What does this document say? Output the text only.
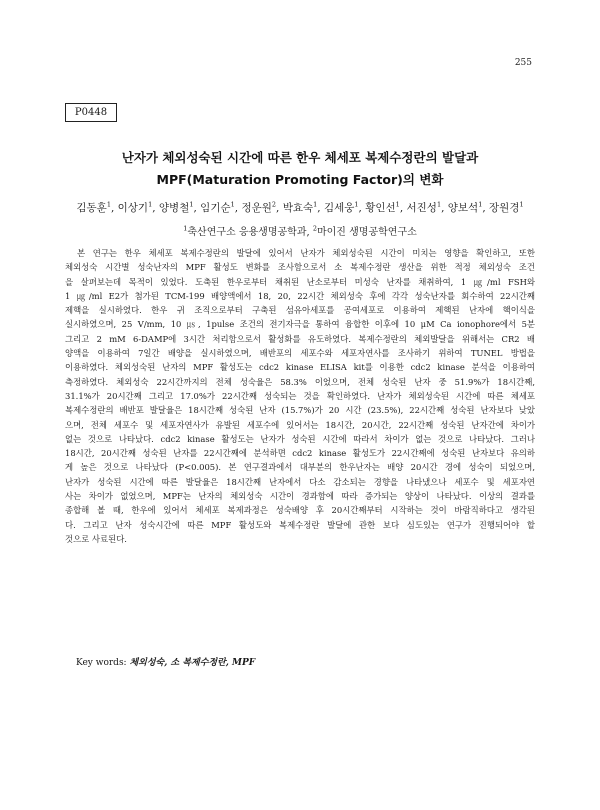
255
P0448
난자가 체외성숙된 시간에 따른 한우 체세포 복제수정란의 발달과
MPF(Maturation Promoting Factor)의 변화
김동훈$^1$, 이상기$^1$, 양병철$^1$, 임기순$^1$, 정운원$^2$, 박효숙$^1$, 김세웅$^1$, 황인선$^1$, 서진성$^1$, 양보석$^1$, 장원경$^1$
$^1$축산연구소 응용생명공학과, $^2$마이진 생명공학연구소
본 연구는 한우 체세포 복제수정란의 발달에 있어서 난자가 체외성숙된 시간이 미치는 영향을 확인하고, 또한
체외성숙 시간별 성숙난자의 MPF 활성도 변화를 조사함으로서 소 복제수정란 생산을 위한 적정 체외성숙 조건
을 살펴보는데 목적이 있었다. 도축된 한우로부터 채취된 난소로부터 미성숙 난자를 채취하여, 1 ㎍/ml FSH와
1 ㎍/ml E2가 첨가된 TCM-199 배양액에서 18, 20, 22시간 체외성숙 후에 각각 성숙난자를 회수하여 22시간째
제핵을 실시하였다. 한우 귀 조직으로부터 구축된 섬유아세포를 공여세포로 이용하여 제핵된 난자에 핵이식을
실시하였으며, 25 V/mm, 10 ㎲, 1pulse 조건의 전기자극을 통하여 융합한 이후에 10 μM Ca ionophore에서 5분
그리고 2 mM 6-DAMP에 3시간 처리함으로서 활성화를 유도하였다. 복제수정란의 체외발달을 위해서는 CR2 배
양액을 이용하여 7일간 배양을 실시하였으며, 배반포의 세포수와 세포자연사를 조사하기 위하여 TUNEL 방법을
이용하였다. 체외성숙된 난자의 MPF 활성도는 cdc2 kinase ELISA kit를 이용한 cdc2 kinase 분석을 이용하여
측정하였다. 체외성숙 22시간까지의 전체 성숙율은 58.3% 이었으며, 전체 성숙된 난자 중 51.9%가 18시간째,
31.1%가 20시간째 그리고 17.0%가 22시간째 성숙되는 것을 확인하였다. 난자가 체외성숙된 시간에 따른 체세포
복제수정란의 배반포 발달율은 18시간째 성숙된 난자 (15.7%)가 20 시간 (23.5%), 22시간째 성숙된 난자보다 낮았
으며, 전체 세포수 및 세포자연사가 유발된 세포수에 있어서는 18시간, 20시간, 22시간째 성숙된 난자간에 차이가
없는 것으로 나타났다. cdc2 kinase 활성도는 난자가 성숙된 시간에 따라서 차이가 없는 것으로 나타났다. 그러나
18시간, 20시간째 성숙된 난자를 22시간째에 분석하면 cdc2 kinase 활성도가 22시간째에 성숙된 난자보다 유의하
게 높은 것으로 나타났다 (P<0.005). 본 연구결과에서 대부분의 한우난자는 배양 20시간 경에 성숙이 되었으며,
난자가 성숙된 시간에 따른 발달율은 18시간째 난자에서 다소 감소되는 경향을 나타냈으나 세포수 및 세포자연
사는 차이가 없었으며, MPF는 난자의 체외성숙 시간이 경과함에 따라 증가되는 양상이 나타났다. 이상의 결과를
종합해 볼 때, 한우에 있어서 체세포 복제과정은 성숙배양 후 20시간째부터 시작하는 것이 바람직하다고 생각된
다. 그리고 난자 성숙시간에 따른 MPF 활성도와 복제수정란 발달에 관한 보다 심도있는 연구가 진행되어야 할
것으로 사료된다.
Key words: 체외성숙, 소 복제수정란, MPF
